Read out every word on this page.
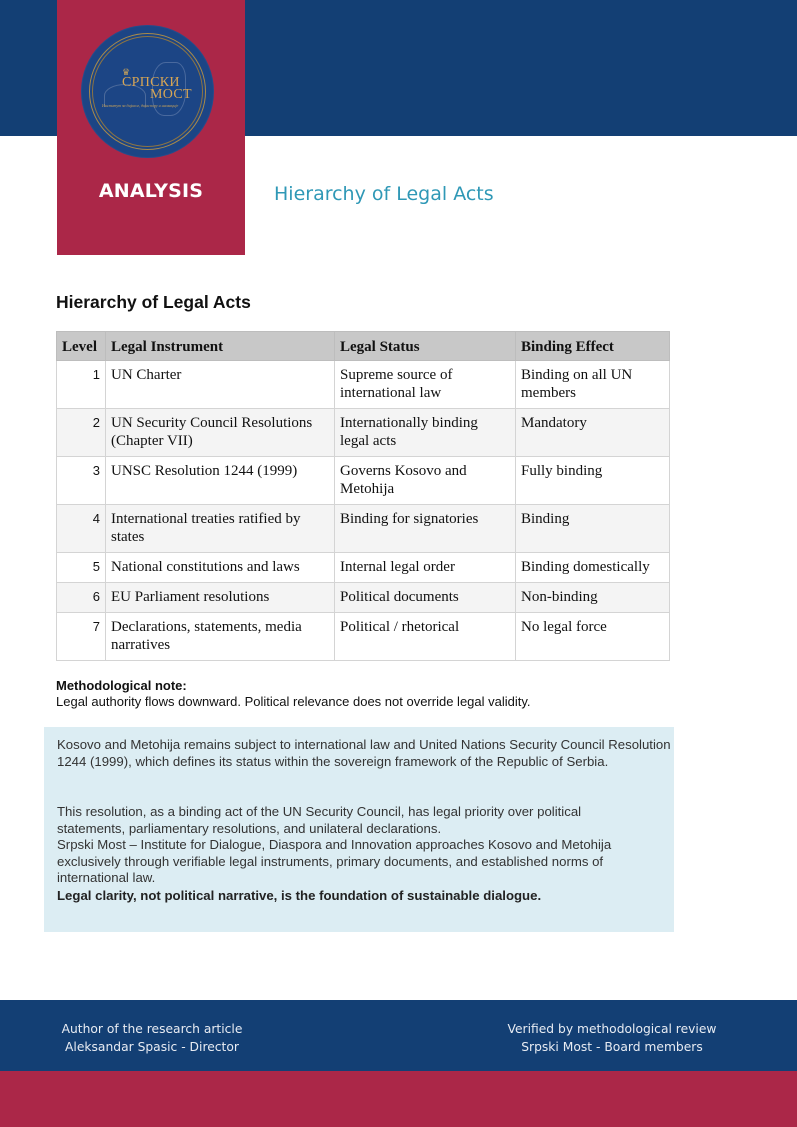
♛
СРПСКИ
МОСТ
Институт за дијалог, дијаспору и иновације
ANALYSIS	Hierarchy of Legal Acts
Hierarchy of Legal Acts
Level	Legal Instrument	Legal Status	Binding Effect
1	UN Charter	Supreme source of international law	Binding on all UN members
2	UN Security Council Resolutions (Chapter VII)	Internationally binding legal acts	Mandatory
3	UNSC Resolution 1244 (1999)	Governs Kosovo and Metohija	Fully binding
4	International treaties ratified by states	Binding for signatories	Binding
5	National constitutions and laws	Internal legal order	Binding domestically
6	EU Parliament resolutions	Political documents	Non-binding
7	Declarations, statements, media narratives	Political / rhetorical	No legal force
Methodological note:
Legal authority flows downward. Political relevance does not override legal validity.

Kosovo and Metohija remains subject to international law and United Nations Security Council Resolution 1244 (1999), which defines its status within the sovereign framework of the Republic of Serbia.

This resolution, as a binding act of the UN Security Council, has legal priority over political
statements, parliamentary resolutions, and unilateral declarations.
Srpski Most – Institute for Dialogue, Diaspora and Innovation approaches Kosovo and Metohija exclusively through verifiable legal instruments, primary documents, and established norms of international law.

Legal clarity, not political narrative, is the foundation of sustainable dialogue.

Author of the research article
Aleksandar Spasic - Director
Verified by methodological review
Srpski Most - Board members
